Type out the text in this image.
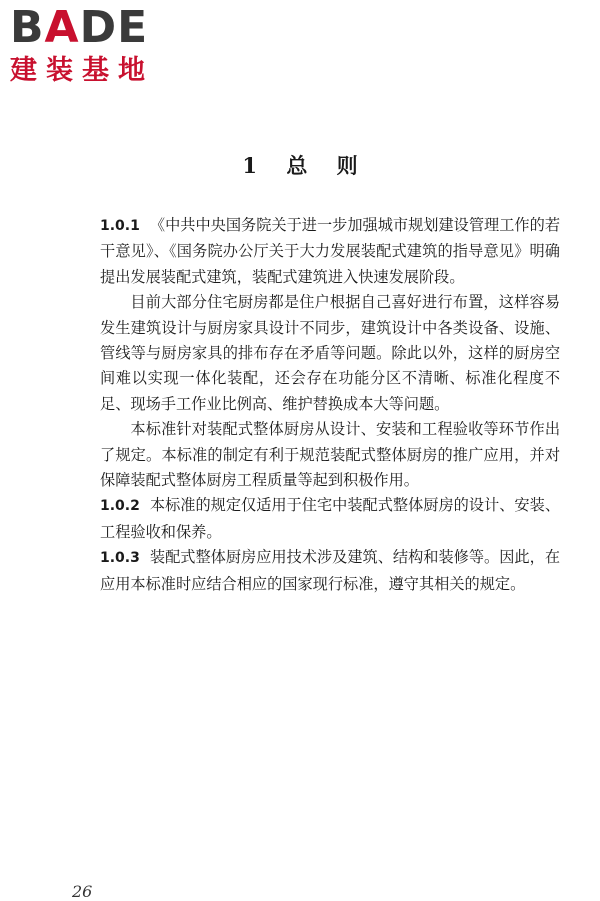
BADE
建装基地
1 总 则

1.0.1 《中共中央国务院关于进一步加强城市规划建设管理工作的若干意见》、《国务院办公厅关于大力发展装配式建筑的指导意见》明确提出发展装配式建筑，装配式建筑进入快速发展阶段。

目前大部分住宅厨房都是住户根据自己喜好进行布置，这样容易发生建筑设计与厨房家具设计不同步，建筑设计中各类设备、设施、管线等与厨房家具的排布存在矛盾等问题。除此以外，这样的厨房空间难以实现一体化装配，还会存在功能分区不清晰、标准化程度不足、现场手工作业比例高、维护替换成本大等问题。

本标准针对装配式整体厨房从设计、安装和工程验收等环节作出了规定。本标准的制定有利于规范装配式整体厨房的推广应用，并对保障装配式整体厨房工程质量等起到积极作用。

1.0.2 本标准的规定仅适用于住宅中装配式整体厨房的设计、安装、工程验收和保养。

1.0.3 装配式整体厨房应用技术涉及建筑、结构和装修等。因此，在应用本标准时应结合相应的国家现行标准，遵守其相关的规定。

26
